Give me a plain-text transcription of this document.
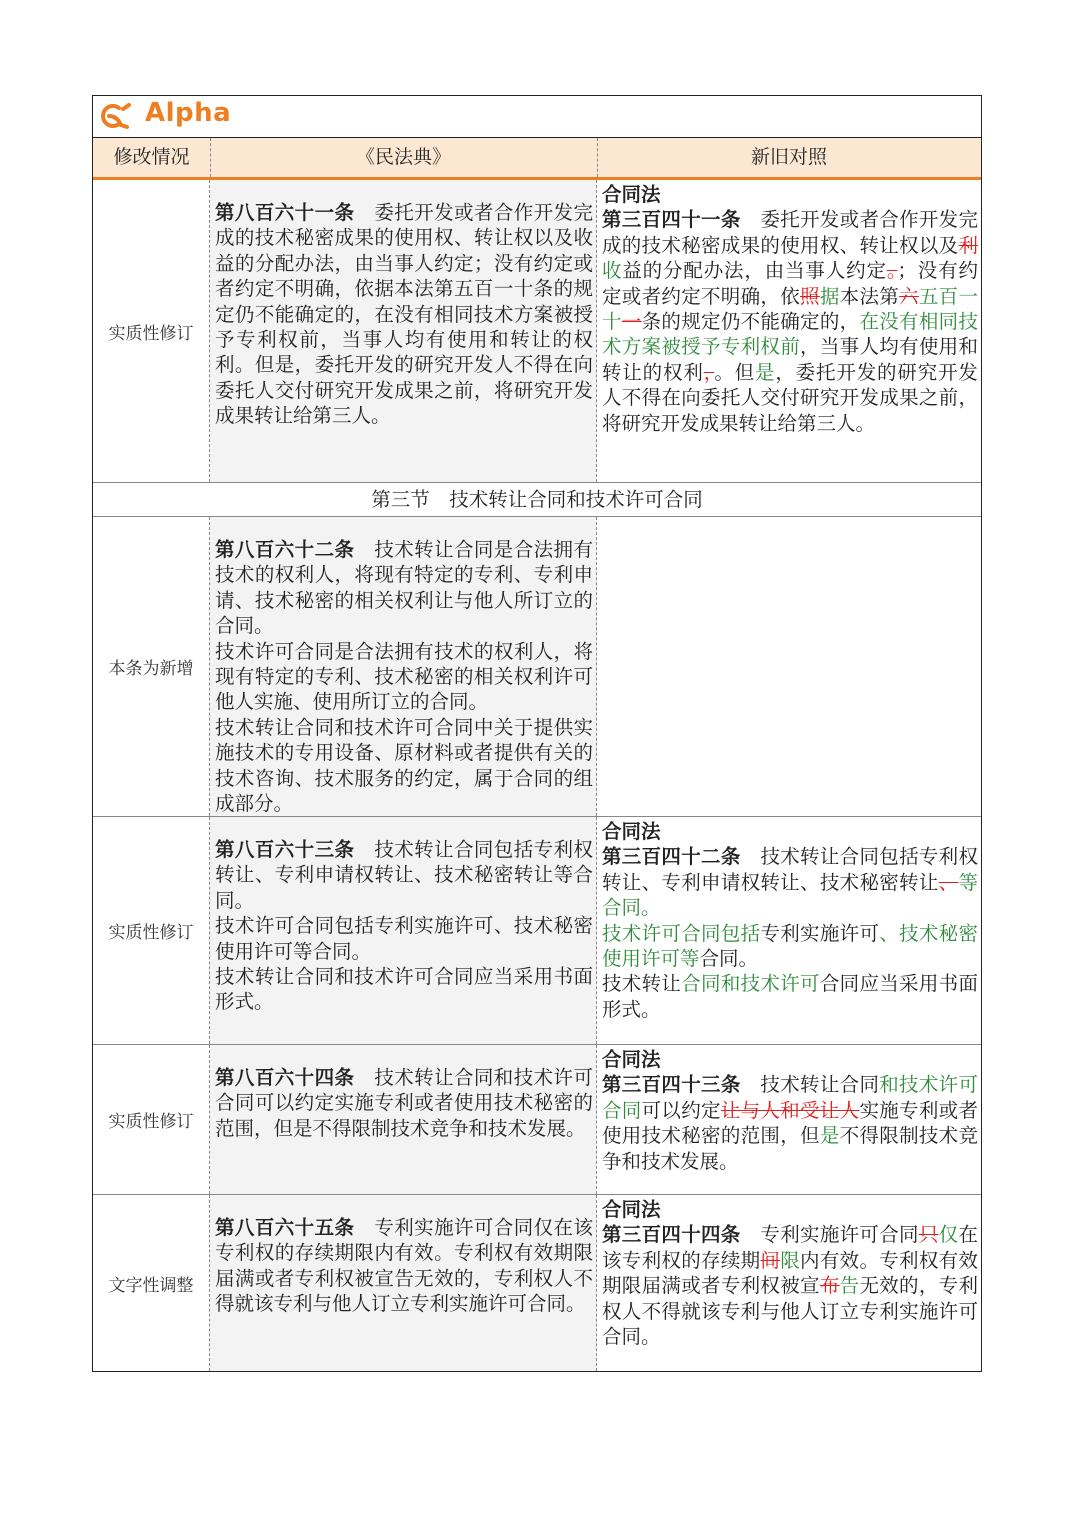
Alpha
修改情况	《民法典》	新旧对照
实质性修订

第八百六十一条　委托开发或者合作开发完成的技术秘密成果的使用权、转让权以及收益的分配办法，由当事人约定；没有约定或者约定不明确，依据本法第五百一十条的规定仍不能确定的，在没有相同技术方案被授予专利权前，当事人均有使用和转让的权利。但是，委托开发的研究开发人不得在向委托人交付研究开发成果之前，将研究开发成果转让给第三人。

合同法

第三百四十一条　委托开发或者合作开发完成的技术秘密成果的使用权、转让权以及利收益的分配办法，由当事人约定。；没有约定或者约定不明确，依照据本法第六五百一十一条的规定仍不能确定的，在没有相同技术方案被授予专利权前，当事人均有使用和转让的权利，。但是，委托开发的研究开发人不得在向委托人交付研究开发成果之前，将研究开发成果转让给第三人。

第三节　技术转让合同和技术许可合同
本条为新增

第八百六十二条　技术转让合同是合法拥有技术的权利人，将现有特定的专利、专利申请、技术秘密的相关权利让与他人所订立的合同。

技术许可合同是合法拥有技术的权利人，将现有特定的专利、技术秘密的相关权利许可他人实施、使用所订立的合同。

技术转让合同和技术许可合同中关于提供实施技术的专用设备、原材料或者提供有关的技术咨询、技术服务的约定，属于合同的组成部分。

实质性修订

第八百六十三条　技术转让合同包括专利权转让、专利申请权转让、技术秘密转让等合同。

技术许可合同包括专利实施许可、技术秘密使用许可等合同。

技术转让合同和技术许可合同应当采用书面形式。

合同法

第三百四十二条　技术转让合同包括专利权转让、专利申请权转让、技术秘密转让、等合同。

技术许可合同包括专利实施许可、技术秘密使用许可等合同。

技术转让合同和技术许可合同应当采用书面形式。

实质性修订

第八百六十四条　技术转让合同和技术许可合同可以约定实施专利或者使用技术秘密的范围，但是不得限制技术竞争和技术发展。

合同法

第三百四十三条　技术转让合同和技术许可合同可以约定让与人和受让人实施专利或者使用技术秘密的范围，但是不得限制技术竞争和技术发展。

文字性调整

第八百六十五条　专利实施许可合同仅在该专利权的存续期限内有效。专利权有效期限届满或者专利权被宣告无效的，专利权人不得就该专利与他人订立专利实施许可合同。

合同法

第三百四十四条　专利实施许可合同只仅在该专利权的存续期间限内有效。专利权有效期限届满或者专利权被宣布告无效的，专利权人不得就该专利与他人订立专利实施许可合同。
